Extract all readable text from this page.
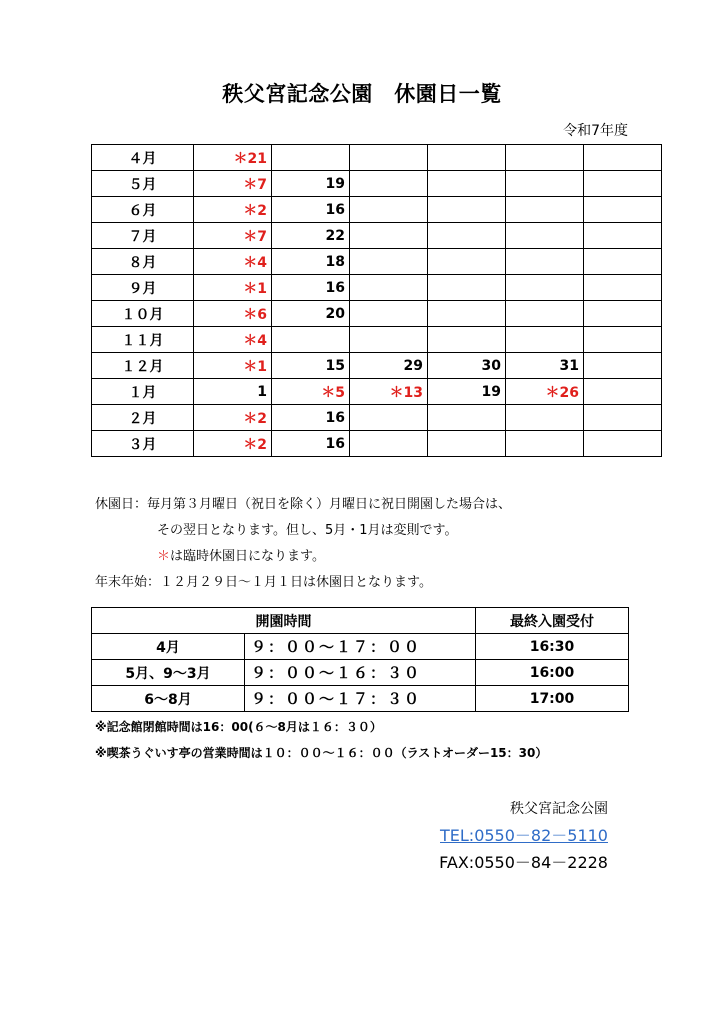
秩父宮記念公園　休園日一覧
令和7年度
４月	＊21					
５月	＊7	19				
６月	＊2	16				
７月	＊7	22				
８月	＊4	18				
９月	＊1	16				
１０月	＊6	20				
１１月	＊4					
１２月	＊1	15	29	30	31	
１月	1	＊5	＊13	19	＊26	
２月	＊2	16				
３月	＊2	16				
休園日：毎月第３月曜日（祝日を除く）月曜日に祝日開園した場合は、
その翌日となります。但し、5月・1月は変則です。
＊は臨時休園日になります。
年末年始：１２月２９日～１月１日は休園日となります。
開園時間		最終入園受付
4月	９：００～１７：００	16:30
5月、9～3月	９：００～１６：３０	16:00
6～8月	９：００～１７：３０	17:00
※記念館閉館時間は16：00(６～8月は１６：３０）
※喫茶うぐいす亭の営業時間は１０：００～１６：００（ラストオーダー15：30）
秩父宮記念公園
TEL:0550－82－5110
FAX:0550－84－2228
